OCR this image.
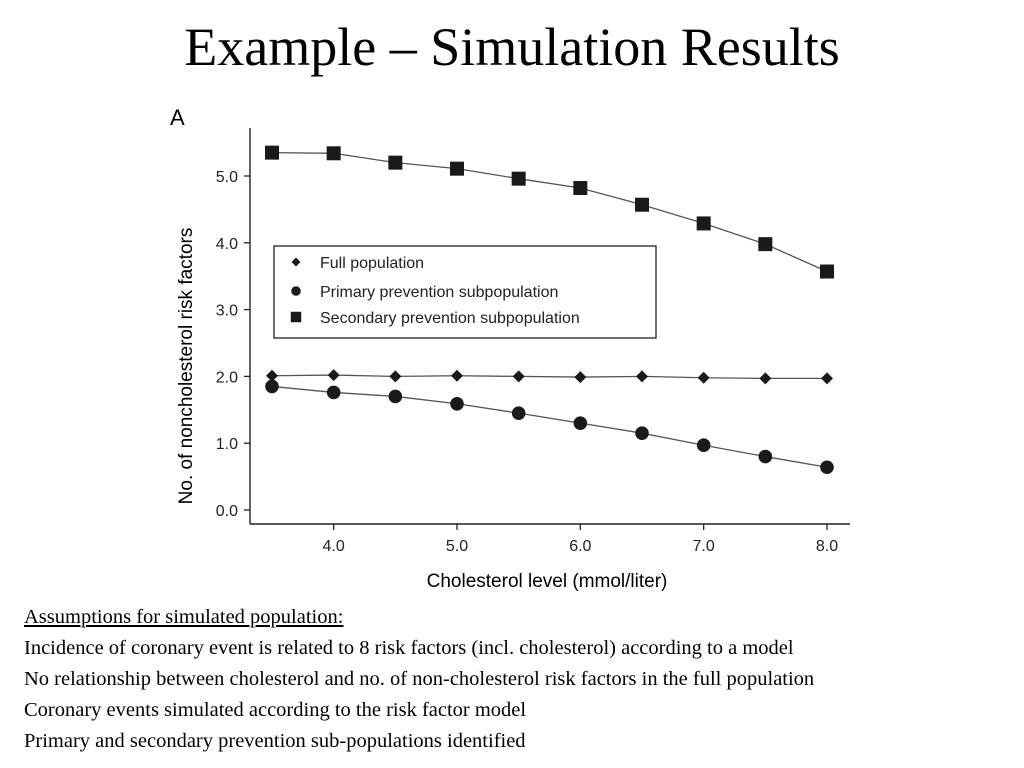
Example – Simulation Results
A
No. of noncholesterol risk factors
Cholesterol level (mmol/liter)
0.0
1.0
2.0
3.0
4.0
5.0
4.0	5.0	6.0	7.0	8.0
Full population
Primary prevention subpopulation
Secondary prevention subpopulation
Assumptions for simulated population:
Incidence of coronary event is related to 8 risk factors (incl. cholesterol) according to a model
No relationship between cholesterol and no. of non-cholesterol risk factors in the full population
Coronary events simulated according to the risk factor model
Primary and secondary prevention sub-populations identified
